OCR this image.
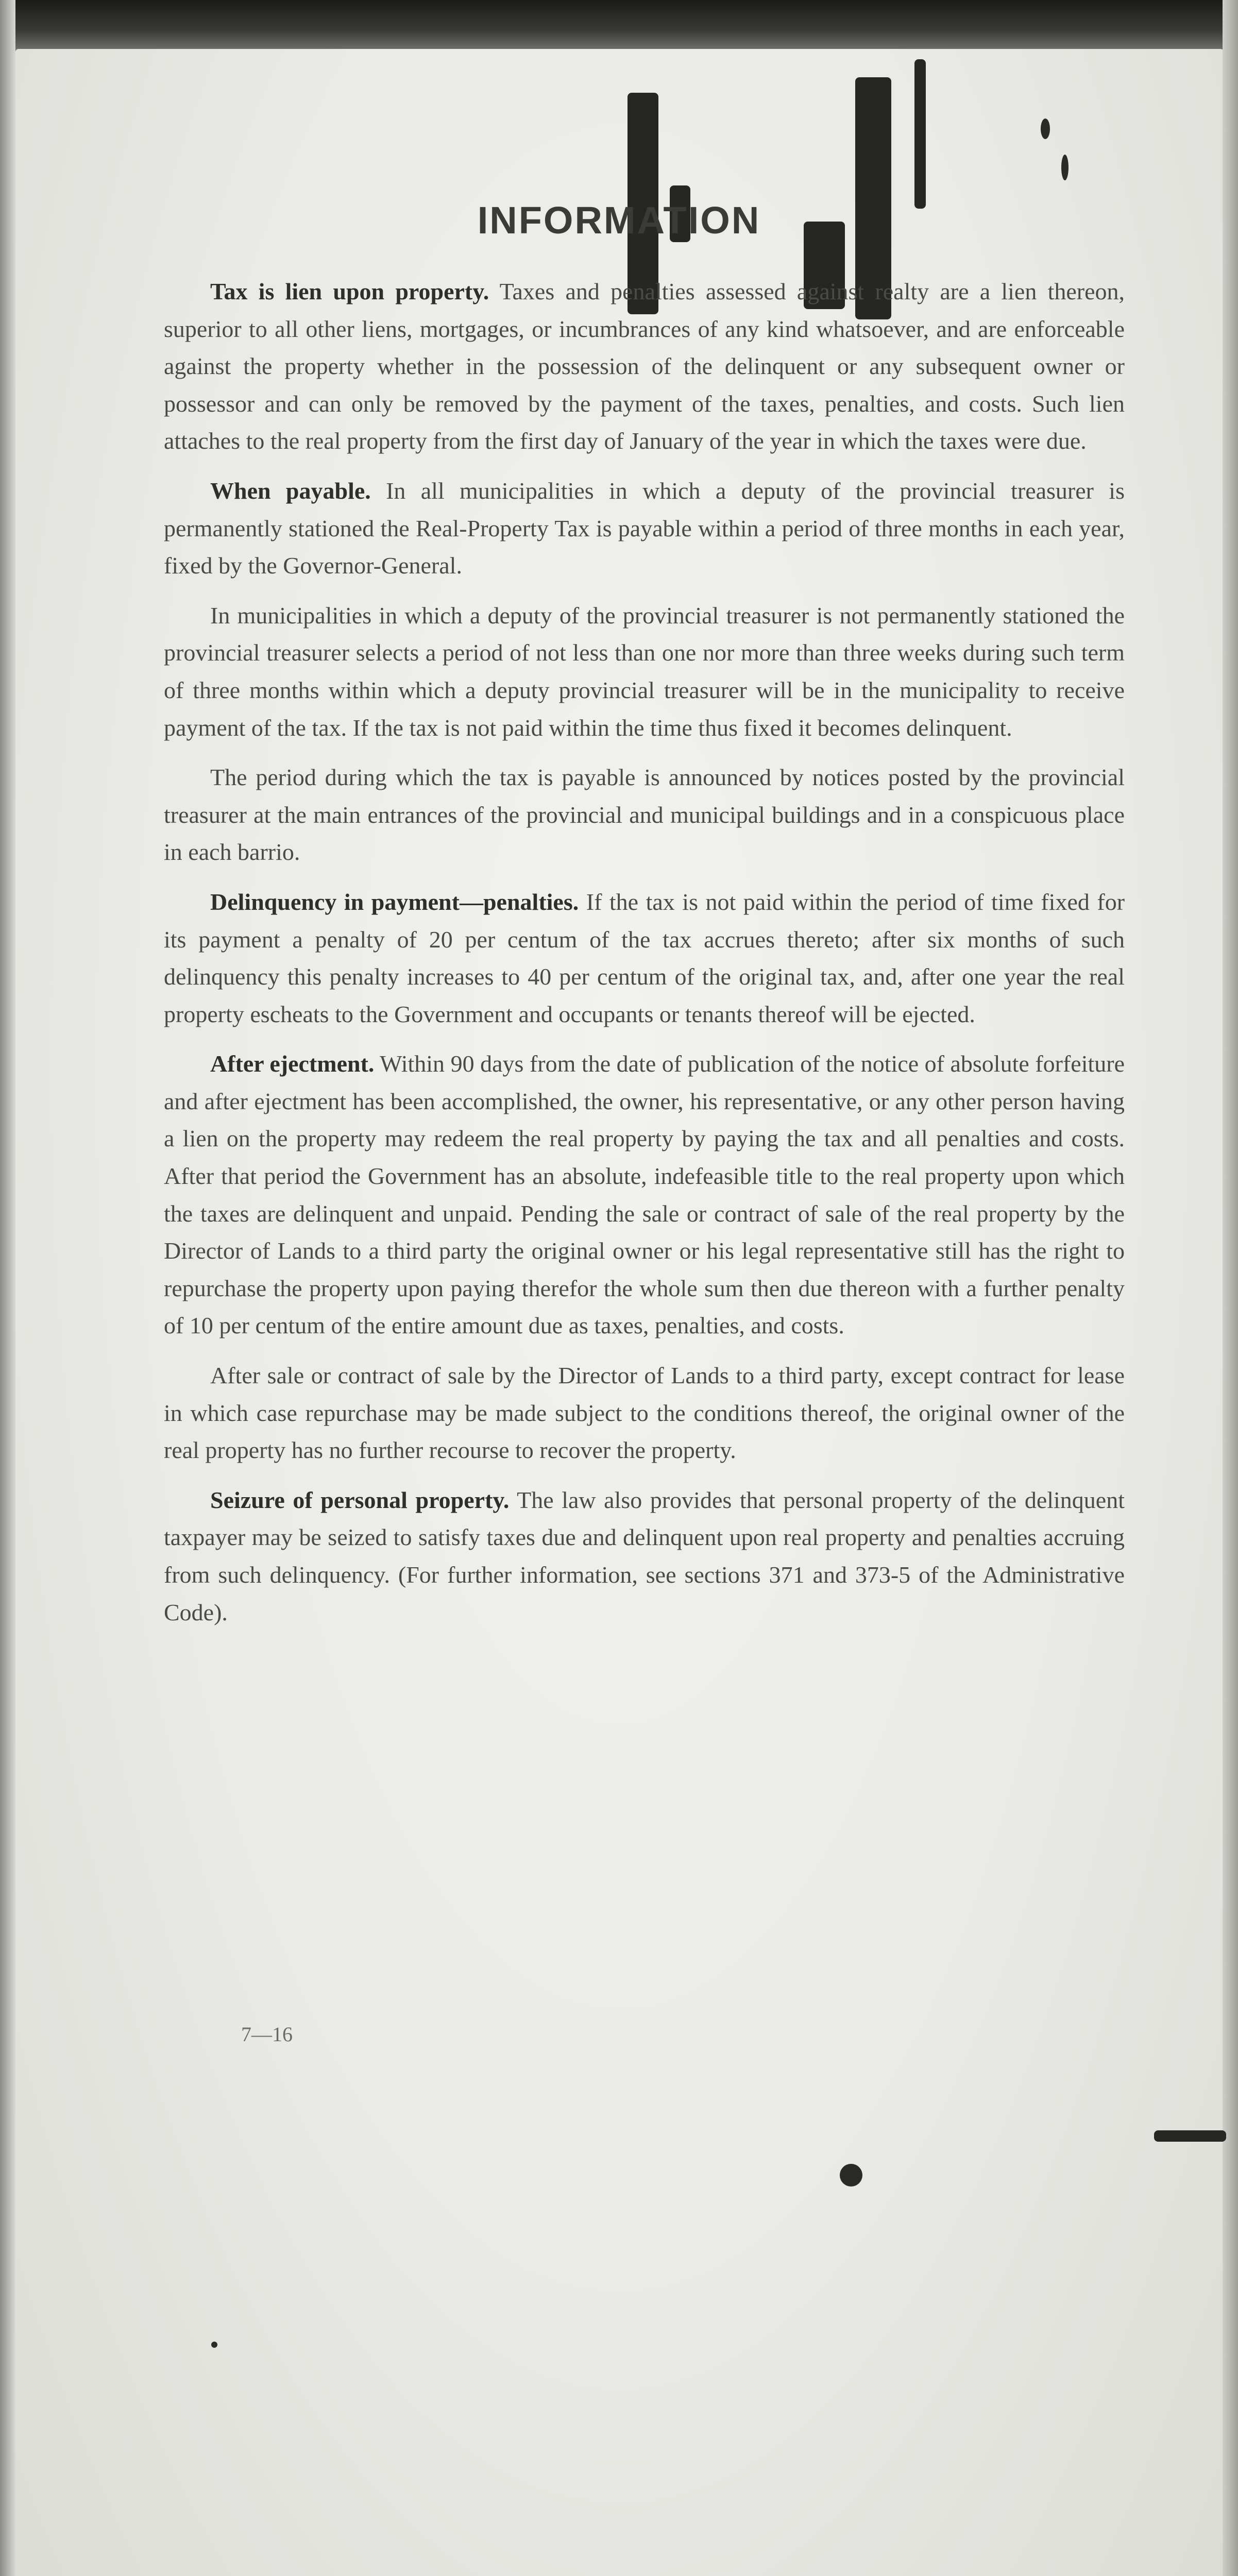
INFORMATION

Tax is lien upon property. Taxes and penalties assessed against realty are a lien thereon, superior to all other liens, mortgages, or incumbrances of any kind whatsoever, and are enforceable against the property whether in the possession of the delinquent or any subsequent owner or possessor and can only be removed by the payment of the taxes, penalties, and costs. Such lien attaches to the real property from the first day of January of the year in which the taxes were due.

When payable. In all municipalities in which a deputy of the provincial treasurer is permanently stationed the Real-Property Tax is payable within a period of three months in each year, fixed by the Governor-General.

In municipalities in which a deputy of the provincial treasurer is not permanently stationed the provincial treasurer selects a period of not less than one nor more than three weeks during such term of three months within which a deputy provincial treasurer will be in the municipality to receive payment of the tax. If the tax is not paid within the time thus fixed it becomes delinquent.

The period during which the tax is payable is announced by notices posted by the provincial treasurer at the main entrances of the provincial and municipal buildings and in a conspicuous place in each barrio.

Delinquency in payment—penalties. If the tax is not paid within the period of time fixed for its payment a penalty of 20 per centum of the tax accrues thereto; after six months of such delinquency this penalty increases to 40 per centum of the original tax, and, after one year the real property escheats to the Government and occupants or tenants thereof will be ejected.

After ejectment. Within 90 days from the date of publication of the notice of absolute forfeiture and after ejectment has been accomplished, the owner, his representative, or any other person having a lien on the property may redeem the real property by paying the tax and all penalties and costs. After that period the Government has an absolute, indefeasible title to the real property upon which the taxes are delinquent and unpaid. Pending the sale or contract of sale of the real property by the Director of Lands to a third party the original owner or his legal representative still has the right to repurchase the property upon paying therefor the whole sum then due thereon with a further penalty of 10 per centum of the entire amount due as taxes, penalties, and costs.

After sale or contract of sale by the Director of Lands to a third party, except contract for lease in which case repurchase may be made subject to the conditions thereof, the original owner of the real property has no further recourse to recover the property.

Seizure of personal property. The law also provides that personal property of the delinquent taxpayer may be seized to satisfy taxes due and delinquent upon real property and penalties accruing from such delinquency. (For further information, see sections 371 and 373-5 of the Administrative Code).

7—16
